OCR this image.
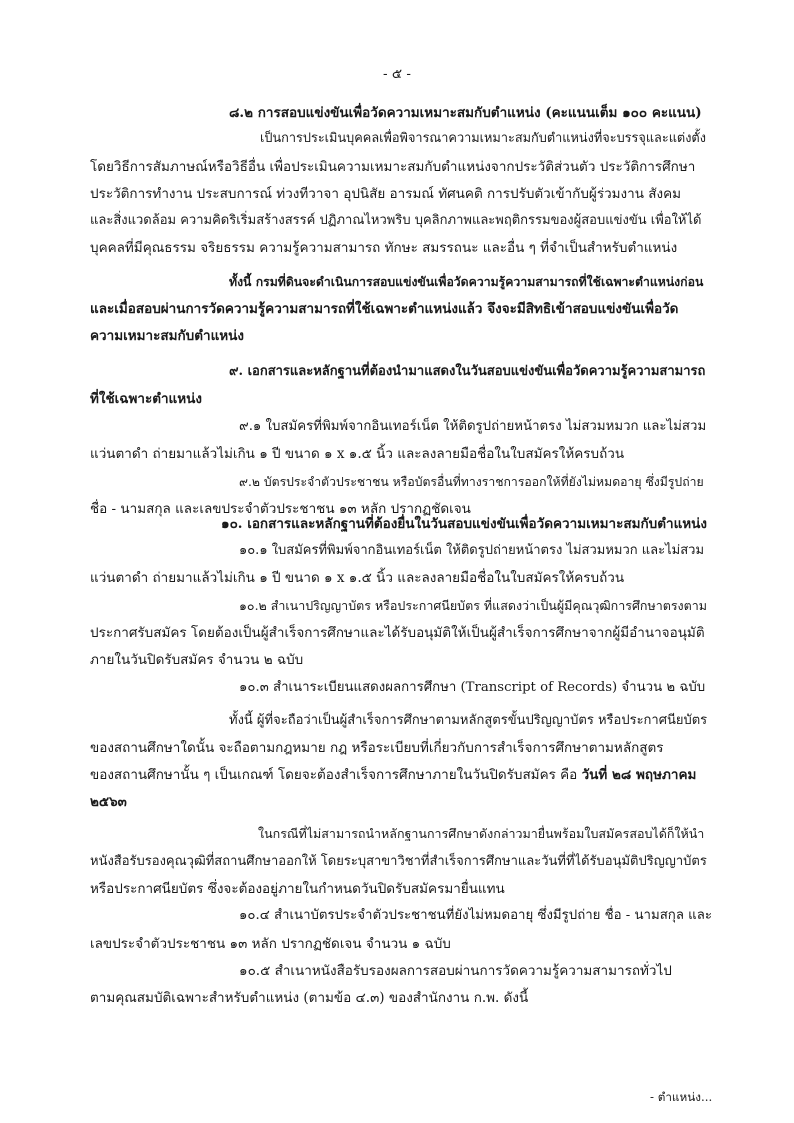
- ๕ -
๘.๒ การสอบแข่งขันเพื่อวัดความเหมาะสมกับตำแหน่ง (คะแนนเต็ม ๑๐๐ คะแนน)
เป็นการประเมินบุคคลเพื่อพิจารณาความเหมาะสมกับตำแหน่งที่จะบรรจุและแต่งตั้ง
โดยวิธีการสัมภาษณ์หรือวิธีอื่น เพื่อประเมินความเหมาะสมกับตำแหน่งจากประวัติส่วนตัว ประวัติการศึกษา
ประวัติการทำงาน ประสบการณ์ ท่วงทีวาจา อุปนิสัย อารมณ์ ทัศนคติ การปรับตัวเข้ากับผู้ร่วมงาน สังคม
และสิ่งแวดล้อม ความคิดริเริ่มสร้างสรรค์ ปฏิภาณไหวพริบ บุคลิกภาพและพฤติกรรมของผู้สอบแข่งขัน เพื่อให้ได้
บุคคลที่มีคุณธรรม จริยธรรม ความรู้ความสามารถ ทักษะ สมรรถนะ และอื่น ๆ ที่จำเป็นสำหรับตำแหน่ง
ทั้งนี้ กรมที่ดินจะดำเนินการสอบแข่งขันเพื่อวัดความรู้ความสามารถที่ใช้เฉพาะตำแหน่งก่อน
และเมื่อสอบผ่านการวัดความรู้ความสามารถที่ใช้เฉพาะตำแหน่งแล้ว จึงจะมีสิทธิเข้าสอบแข่งขันเพื่อวัด
ความเหมาะสมกับตำแหน่ง
๙. เอกสารและหลักฐานที่ต้องนำมาแสดงในวันสอบแข่งขันเพื่อวัดความรู้ความสามารถ
ที่ใช้เฉพาะตำแหน่ง
๙.๑ ใบสมัครที่พิมพ์จากอินเทอร์เน็ต ให้ติดรูปถ่ายหน้าตรง ไม่สวมหมวก และไม่สวม
แว่นตาดำ ถ่ายมาแล้วไม่เกิน ๑ ปี ขนาด ๑ x ๑.๕ นิ้ว และลงลายมือชื่อในใบสมัครให้ครบถ้วน
๙.๒ บัตรประจำตัวประชาชน หรือบัตรอื่นที่ทางราชการออกให้ที่ยังไม่หมดอายุ ซึ่งมีรูปถ่าย
ชื่อ - นามสกุล และเลขประจำตัวประชาชน ๑๓ หลัก ปรากฏชัดเจน
๑๐. เอกสารและหลักฐานที่ต้องยื่นในวันสอบแข่งขันเพื่อวัดความเหมาะสมกับตำแหน่ง
๑๐.๑ ใบสมัครที่พิมพ์จากอินเทอร์เน็ต ให้ติดรูปถ่ายหน้าตรง ไม่สวมหมวก และไม่สวม
แว่นตาดำ ถ่ายมาแล้วไม่เกิน ๑ ปี ขนาด ๑ x ๑.๕ นิ้ว และลงลายมือชื่อในใบสมัครให้ครบถ้วน
๑๐.๒ สำเนาปริญญาบัตร หรือประกาศนียบัตร ที่แสดงว่าเป็นผู้มีคุณวุฒิการศึกษาตรงตาม
ประกาศรับสมัคร โดยต้องเป็นผู้สำเร็จการศึกษาและได้รับอนุมัติให้เป็นผู้สำเร็จการศึกษาจากผู้มีอำนาจอนุมัติ
ภายในวันปิดรับสมัคร จำนวน ๒ ฉบับ
๑๐.๓ สำเนาระเบียนแสดงผลการศึกษา (Transcript of Records) จำนวน ๒ ฉบับ
ทั้งนี้ ผู้ที่จะถือว่าเป็นผู้สำเร็จการศึกษาตามหลักสูตรขั้นปริญญาบัตร หรือประกาศนียบัตร
ของสถานศึกษาใดนั้น จะถือตามกฎหมาย กฎ หรือระเบียบที่เกี่ยวกับการสำเร็จการศึกษาตามหลักสูตร
ของสถานศึกษานั้น ๆ เป็นเกณฑ์ โดยจะต้องสำเร็จการศึกษาภายในวันปิดรับสมัคร คือ วันที่ ๒๘ พฤษภาคม
๒๕๖๓
ในกรณีที่ไม่สามารถนำหลักฐานการศึกษาดังกล่าวมายื่นพร้อมใบสมัครสอบได้ก็ให้นำ
หนังสือรับรองคุณวุฒิที่สถานศึกษาออกให้ โดยระบุสาขาวิชาที่สำเร็จการศึกษาและวันที่ที่ได้รับอนุมัติปริญญาบัตร
หรือประกาศนียบัตร ซึ่งจะต้องอยู่ภายในกำหนดวันปิดรับสมัครมายื่นแทน
๑๐.๔ สำเนาบัตรประจำตัวประชาชนที่ยังไม่หมดอายุ ซึ่งมีรูปถ่าย ชื่อ - นามสกุล และ
เลขประจำตัวประชาชน ๑๓ หลัก ปรากฏชัดเจน จำนวน ๑ ฉบับ
๑๐.๕ สำเนาหนังสือรับรองผลการสอบผ่านการวัดความรู้ความสามารถทั่วไป
ตามคุณสมบัติเฉพาะสำหรับตำแหน่ง (ตามข้อ ๔.๓) ของสำนักงาน ก.พ. ดังนี้
- ตำแหน่ง...
